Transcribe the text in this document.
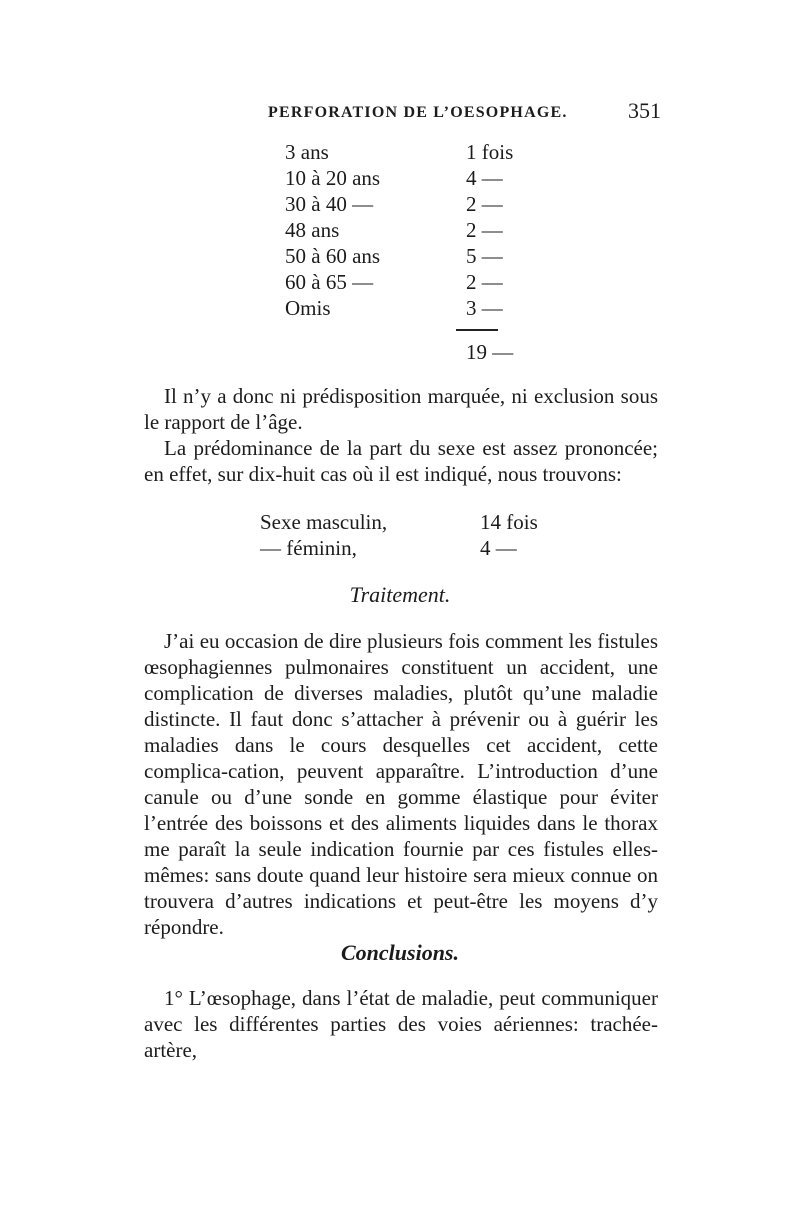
PERFORATION DE L’OESOPHAGE.	351
3 ans	1 fois
10 à 20 ans	4 —
30 à 40 —	2 —
48 ans	2 —
50 à 60 ans	5 —
60 à 65 —	2 —
Omis	3 —
19 —

Il n’y a donc ni prédisposition marquée, ni exclusion sous le rapport de l’âge.

La prédominance de la part du sexe est assez prononcée; en effet, sur dix-huit cas où il est indiqué, nous trouvons:

Sexe masculin,	14 fois
— féminin,	4 —
Traitement.

J’ai eu occasion de dire plusieurs fois comment les fistules œsophagiennes pulmonaires constituent un accident, une complication de diverses maladies, plutôt qu’une maladie distincte. Il faut donc s’attacher à prévenir ou à guérir les maladies dans le cours desquelles cet accident, cette complica-cation, peuvent apparaître. L’introduction d’une canule ou d’une sonde en gomme élastique pour éviter l’entrée des boissons et des aliments liquides dans le thorax me paraît la seule indication fournie par ces fistules elles-mêmes: sans doute quand leur histoire sera mieux connue on trouvera d’autres indications et peut-être les moyens d’y répondre.

Conclusions.

1° L’œsophage, dans l’état de maladie, peut communiquer avec les différentes parties des voies aériennes: trachée-artère,
